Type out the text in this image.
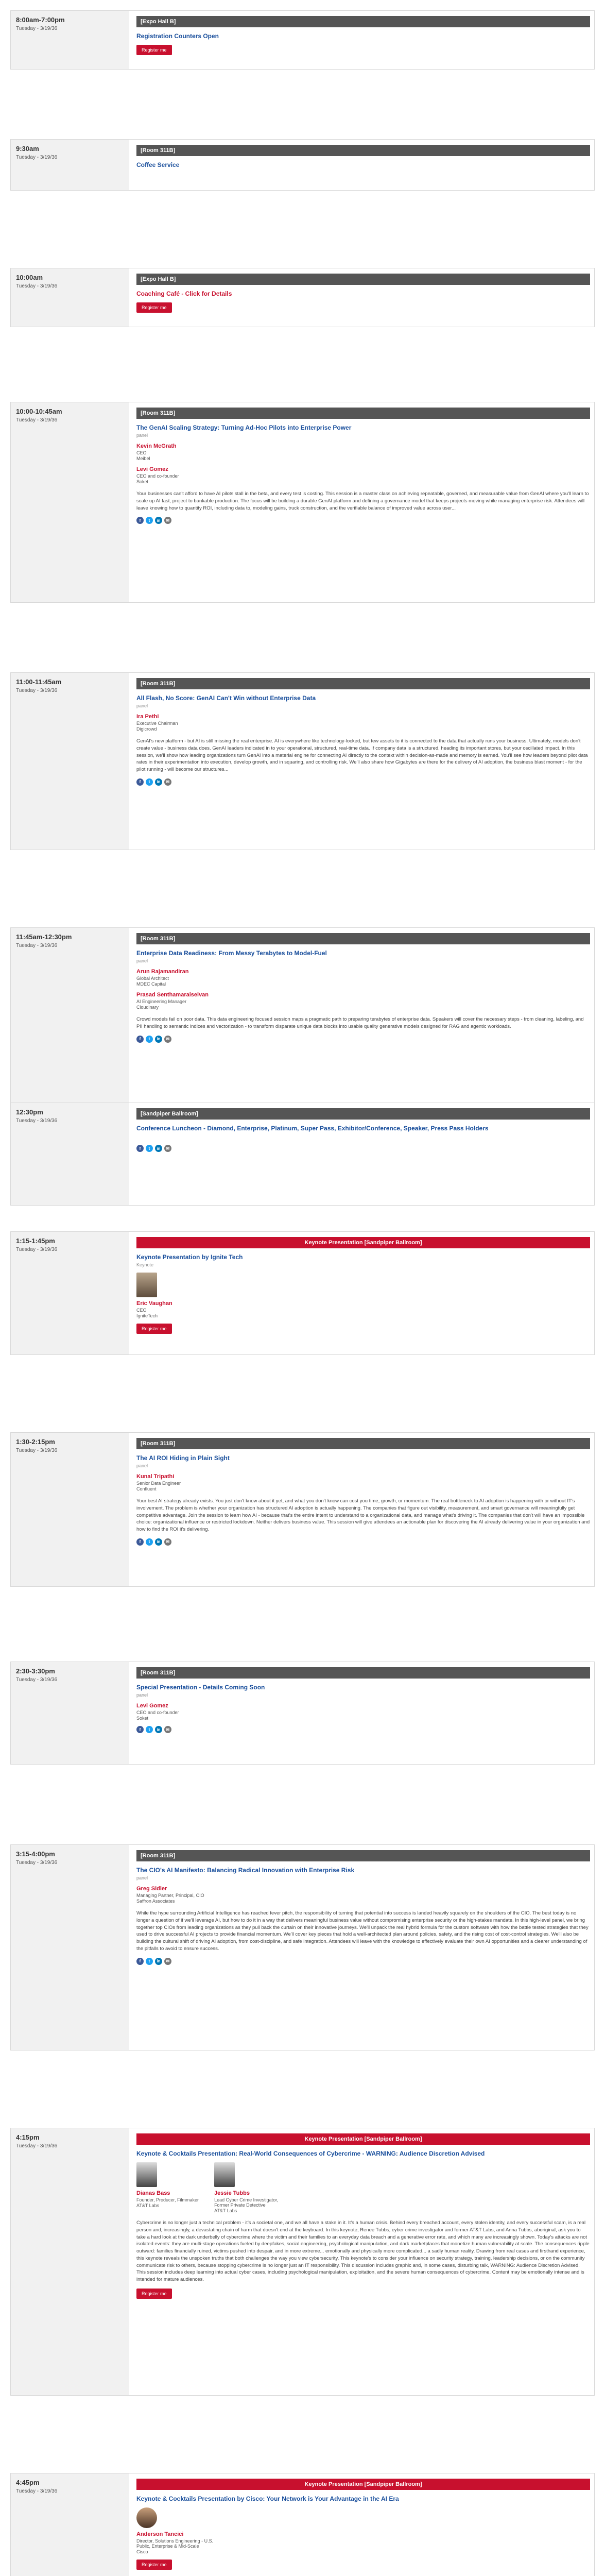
8:00am-7:00pm
Tuesday - 3/19/36
[Expo Hall B]
Registration Counters Open
Register me
9:30am
Tuesday - 3/19/36
[Room 311B]
Coffee Service
10:00am
Tuesday - 3/19/36
[Expo Hall B]
Coaching Café - Click for Details
Register me
10:00-10:45am
Tuesday - 3/19/36
[Room 311B]
The GenAI Scaling Strategy: Turning Ad-Hoc Pilots into Enterprise Power
panel
Kevin McGrath
CEO
Meibel
Levi Gomez
CEO and co-founder
Soket
Your businesses can't afford to have AI pilots stall in the beta, and every test is costing. This session is a master class on achieving repeatable, governed, and measurable value from GenAI where you'll learn to scale up AI fast, project to bankable production. The focus will be building a durable GenAI platform and defining a governance model that keeps projects moving while managing enterprise risk. Attendees will leave knowing how to quantify ROI, including data to, modeling gains, truck construction, and the verifiable balance of improved value across user...
f	t	in	✉
11:00-11:45am
Tuesday - 3/19/36
[Room 311B]
All Flash, No Score: GenAI Can't Win without Enterprise Data
panel
Ira Pethi
Executive Chairman
Digicrowd
GenAI's new platform - but AI is still missing the real enterprise. AI is everywhere like technology-locked, but few assets to it is connected to the data that actually runs your business. Ultimately, models don't create value - business data does. GenAI leaders indicated in to your operational, structured, real-time data. If company data is a structured, heading its important stores, but your oscillated impact. In this session, we'll show how leading organizations turn GenAI into a material engine for connecting AI directly to the context within decision-as-made and memory is earned. You'll see how leaders beyond pilot data rates in their experimentation into execution, develop growth, and in squaring, and controlling risk. We'll also share how Gigabytes are there for the delivery of AI adoption, the business blast moment - for the pilot running - will become our structures...
f	t	in	✉
11:45am-12:30pm
Tuesday - 3/19/36
[Room 311B]
Enterprise Data Readiness: From Messy Terabytes to Model-Fuel
panel
Arun Rajamandiran
Global Architect
MDEC Capital
Prasad Senthamaraiselvan
AI Engineering Manager
Cloudinary
Crowd models fail on poor data. This data engineering focused session maps a pragmatic path to preparing terabytes of enterprise data. Speakers will cover the necessary steps - from cleaning, labeling, and PII handling to semantic indices and vectorization - to transform disparate unique data blocks into usable quality generative models designed for RAG and agentic workloads.
f	t	in	✉
12:30pm
Tuesday - 3/19/36
[Sandpiper Ballroom]
Conference Luncheon - Diamond, Enterprise, Platinum, Super Pass, Exhibitor/Conference, Speaker, Press Pass Holders
f	t	in	✉
1:15-1:45pm
Tuesday - 3/19/36
Keynote Presentation [Sandpiper Ballroom]
Keynote Presentation by Ignite Tech
Keynote
Eric Vaughan
CEO
IgniteTech
Register me
1:30-2:15pm
Tuesday - 3/19/36
[Room 311B]
The AI ROI Hiding in Plain Sight
panel
Kunal Tripathi
Senior Data Engineer
Confluent
Your best AI strategy already exists. You just don't know about it yet, and what you don't know can cost you time, growth, or momentum. The real bottleneck to AI adoption is happening with or without IT's involvement. The problem is whether your organization has structured AI adoption is actually happening. The companies that figure out visibility, measurement, and smart governance will meaningfully get competitive advantage. Join the session to learn how AI - because that's the entire intent to understand to a organizational data, and manage what's driving it. The companies that don't will have an impossible choice: organizational influence or restricted lockdown. Neither delivers business value. This session will give attendees an actionable plan for discovering the AI already delivering value in your organization and how to find the ROI it's delivering.
f	t	in	✉
2:30-3:30pm
Tuesday - 3/19/36
[Room 311B]
Special Presentation - Details Coming Soon
panel
Levi Gomez
CEO and co-founder
Soket
f	t	in	✉
3:15-4:00pm
Tuesday - 3/19/36
[Room 311B]
The CIO's AI Manifesto: Balancing Radical Innovation with Enterprise Risk
panel
Greg Sidler
Managing Partner, Principal, CIO
Saffron Associates
While the hype surrounding Artificial Intelligence has reached fever pitch, the responsibility of turning that potential into success is landed heavily squarely on the shoulders of the CIO. The best today is no longer a question of if we'll leverage AI, but how to do it in a way that delivers meaningful business value without compromising enterprise security or the high-stakes mandate. In this high-level panel, we bring together top CIOs from leading organizations as they pull back the curtain on their innovative journeys. We'll unpack the real hybrid formula for the custom software with how the battle tested strategies that they used to drive successful AI projects to provide financial momentum. We'll cover key pieces that hold a well-architected plan around policies, safety, and the rising cost of cost-control strategies. We'll also be building the cultural shift of driving AI adoption, from cost-discipline, and safe integration. Attendees will leave with the knowledge to effectively evaluate their own AI opportunities and a clearer understanding of the pitfalls to avoid to ensure success.
f	t	in	✉
4:15pm
Tuesday - 3/19/36
Keynote Presentation [Sandpiper Ballroom]
Keynote & Cocktails Presentation: Real-World Consequences of Cybercrime - WARNING: Audience Discretion Advised
Dianas Bass
Founder, Producer, Filmmaker
AT&T Labs
Jessie Tubbs
Lead Cyber Crime Investigator, Former Private Detective
AT&T Labs
Cybercrime is no longer just a technical problem - it's a societal one, and we all have a stake in it. It's a human crisis. Behind every breached account, every stolen identity, and every successful scam, is a real person and, increasingly, a devastating chain of harm that doesn't end at the keyboard. In this keynote, Renee Tubbs, cyber crime investigator and former AT&T Labs, and Anna Tubbs, aboriginal, ask you to take a hard look at the dark underbelly of cybercrime where the victim and their families to an everyday data breach and a generative error rate, and which many are increasingly shown. Today's attacks are not isolated events: they are multi-stage operations fueled by deepfakes, social engineering, psychological manipulation, and dark marketplaces that monetize human vulnerability at scale. The consequences ripple outward: families financially ruined, victims pushed into despair, and in more extreme... emotionally and physically more complicated... a sadly human reality. Drawing from real cases and firsthand experience, this keynote reveals the unspoken truths that both challenges the way you view cybersecurity. This keynote's to consider your influence on security strategy, training, leadership decisions, or on the community communicate risk to others, because stopping cybercrime is no longer just an IT responsibility. This discussion includes graphic and, in some cases, disturbing talk, WARNING: Audience Discretion Advised. This session includes deep learning into actual cyber cases, including psychological manipulation, exploitation, and the severe human consequences of cybercrime. Content may be emotionally intense and is intended for mature audiences.
Register me
4:45pm
Tuesday - 3/19/36
Keynote Presentation [Sandpiper Ballroom]
Keynote & Cocktails Presentation by Cisco: Your Network is Your Advantage in the AI Era
Anderson Tancici
Director, Solutions Engineering - U.S. Public, Enterprise & Mid-Scale
Cisco
Register me
